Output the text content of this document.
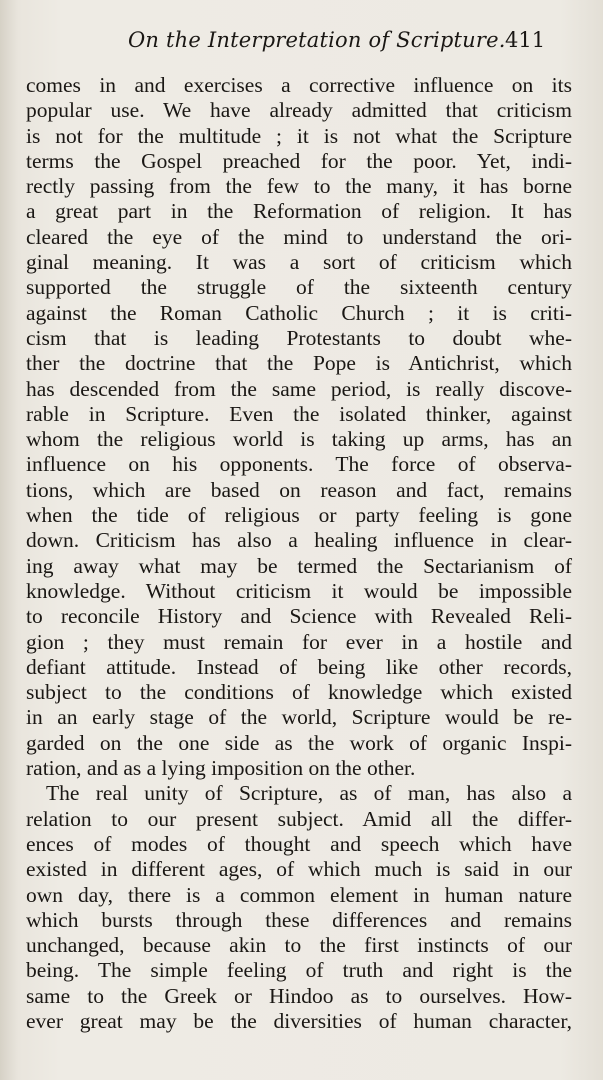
On the Interpretation of Scripture. 411
comes in and exercises a corrective influence on its
popular use. We have already admitted that criticism
is not for the multitude ; it is not what the Scripture
terms the Gospel preached for the poor. Yet, indi-
rectly passing from the few to the many, it has borne
a great part in the Reformation of religion. It has
cleared the eye of the mind to understand the ori-
ginal meaning. It was a sort of criticism which
supported the struggle of the sixteenth century
against the Roman Catholic Church ; it is criti-
cism that is leading Protestants to doubt whe-
ther the doctrine that the Pope is Antichrist, which
has descended from the same period, is really discove-
rable in Scripture. Even the isolated thinker, against
whom the religious world is taking up arms, has an
influence on his opponents. The force of observa-
tions, which are based on reason and fact, remains
when the tide of religious or party feeling is gone
down. Criticism has also a healing influence in clear-
ing away what may be termed the Sectarianism of
knowledge. Without criticism it would be impossible
to reconcile History and Science with Revealed Reli-
gion ; they must remain for ever in a hostile and
defiant attitude. Instead of being like other records,
subject to the conditions of knowledge which existed
in an early stage of the world, Scripture would be re-
garded on the one side as the work of organic Inspi-
ration, and as a lying imposition on the other.
The real unity of Scripture, as of man, has also a
relation to our present subject. Amid all the differ-
ences of modes of thought and speech which have
existed in different ages, of which much is said in our
own day, there is a common element in human nature
which bursts through these differences and remains
unchanged, because akin to the first instincts of our
being. The simple feeling of truth and right is the
same to the Greek or Hindoo as to ourselves. How-
ever great may be the diversities of human character,
